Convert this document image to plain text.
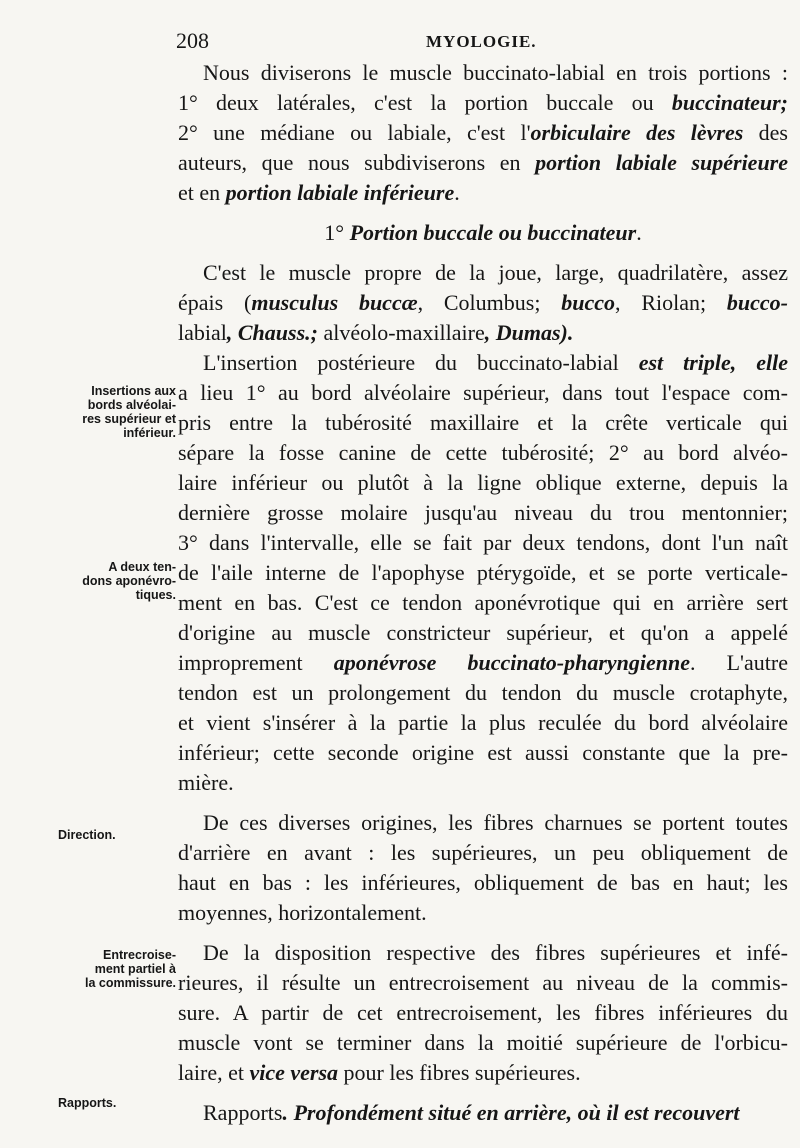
208	MYOLOGIE.
Insertions aux
bords alvéolai-
res supérieur et
inférieur.
A deux ten-
dons aponévro-
tiques.
Direction.
Entrecroise-
ment partiel à
la commissure.
Rapports.
Nous diviserons le muscle buccinato-labial en trois portions :
1° deux latérales, c'est la portion buccale ou buccinateur;
2° une médiane ou labiale, c'est l'orbiculaire des lèvres des
auteurs, que nous subdiviserons en portion labiale supérieure
et en portion labiale inférieure.
1° Portion buccale ou buccinateur.
C'est le muscle propre de la joue, large, quadrilatère, assez
épais (musculus buccæ, Columbus; bucco, Riolan; bucco-
labial, Chauss.; alvéolo-maxillaire, Dumas).
L'insertion postérieure du buccinato-labial est triple, elle
a lieu 1° au bord alvéolaire supérieur, dans tout l'espace com-
pris entre la tubérosité maxillaire et la crête verticale qui
sépare la fosse canine de cette tubérosité; 2° au bord alvéo-
laire inférieur ou plutôt à la ligne oblique externe, depuis la
dernière grosse molaire jusqu'au niveau du trou mentonnier;
3° dans l'intervalle, elle se fait par deux tendons, dont l'un naît
de l'aile interne de l'apophyse ptérygoïde, et se porte verticale-
ment en bas. C'est ce tendon aponévrotique qui en arrière sert
d'origine au muscle constricteur supérieur, et qu'on a appelé
improprement aponévrose buccinato-pharyngienne. L'autre
tendon est un prolongement du tendon du muscle crotaphyte,
et vient s'insérer à la partie la plus reculée du bord alvéolaire
inférieur; cette seconde origine est aussi constante que la pre-
mière.
De ces diverses origines, les fibres charnues se portent toutes
d'arrière en avant : les supérieures, un peu obliquement de
haut en bas : les inférieures, obliquement de bas en haut; les
moyennes, horizontalement.
De la disposition respective des fibres supérieures et infé-
rieures, il résulte un entrecroisement au niveau de la commis-
sure. A partir de cet entrecroisement, les fibres inférieures du
muscle vont se terminer dans la moitié supérieure de l'orbicu-
laire, et vice versa pour les fibres supérieures.
Rapports. Profondément situé en arrière, où il est recouvert
